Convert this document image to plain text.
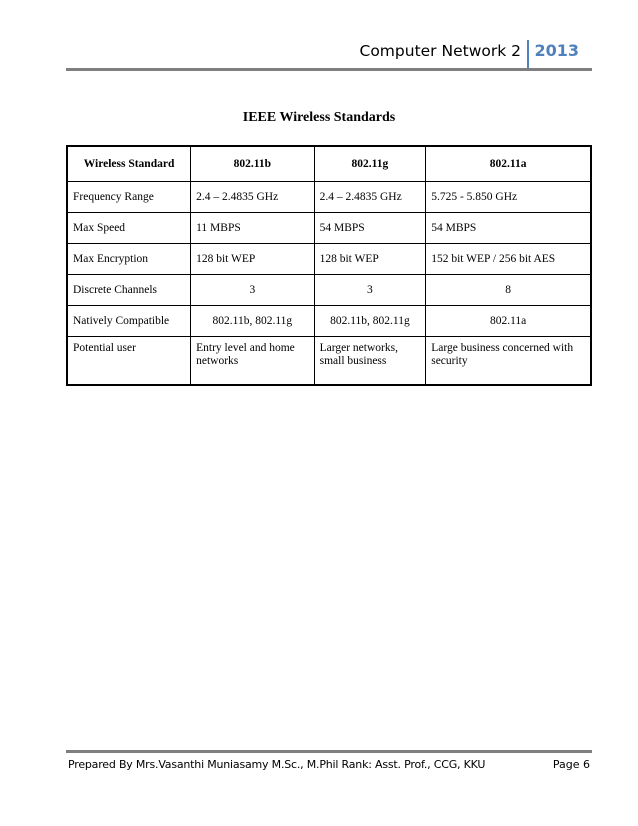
Computer Network 2 2013
IEEE Wireless Standards
Wireless Standard	802.11b	802.11g	802.11a
Frequency Range	2.4 – 2.4835 GHz	2.4 – 2.4835 GHz	5.725 - 5.850 GHz
Max Speed	11 MBPS	54 MBPS	54 MBPS
Max Encryption	128 bit WEP	128 bit WEP	152 bit WEP / 256 bit AES
Discrete Channels	3	3	8
Natively Compatible	802.11b, 802.11g	802.11b, 802.11g	802.11a
Potential user	Entry level and home networks	Larger networks, small business	Large business concerned with security
Prepared By Mrs.Vasanthi Muniasamy M.Sc., M.Phil Rank: Asst. Prof., CCG, KKU	Page 6
